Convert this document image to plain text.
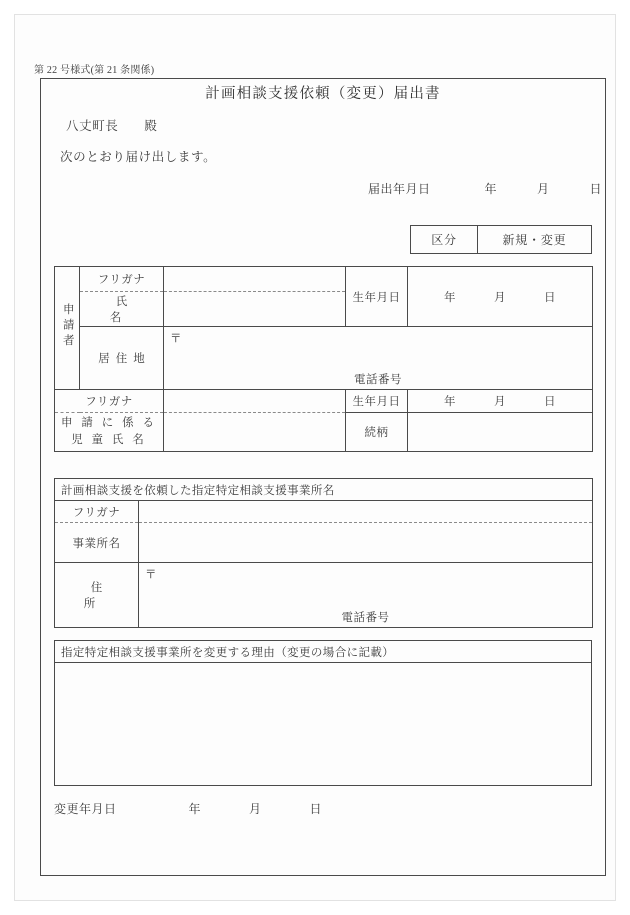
第 22 号様式(第 21 条関係)
計画相談支援依頼（変更）届出書
八丈町長 殿
次のとおり届け出します。
届出年月日	年	月	日
区分	新規・変更
申請者	フリガナ		生年月日	年 月 日
	氏　名			
	居住地	〒		
		電話番号		
フリガナ			生年月日	年 月 日

申 請 に 係 る
児 童 氏 名			続柄	
計画相談支援を依頼した指定特定相談支援事業所名	
フリガナ	
事業所名	
住　所	〒
	電話番号
指定特定相談支援事業所を変更する理由（変更の場合に記載）

変更年月日	年	月	日
